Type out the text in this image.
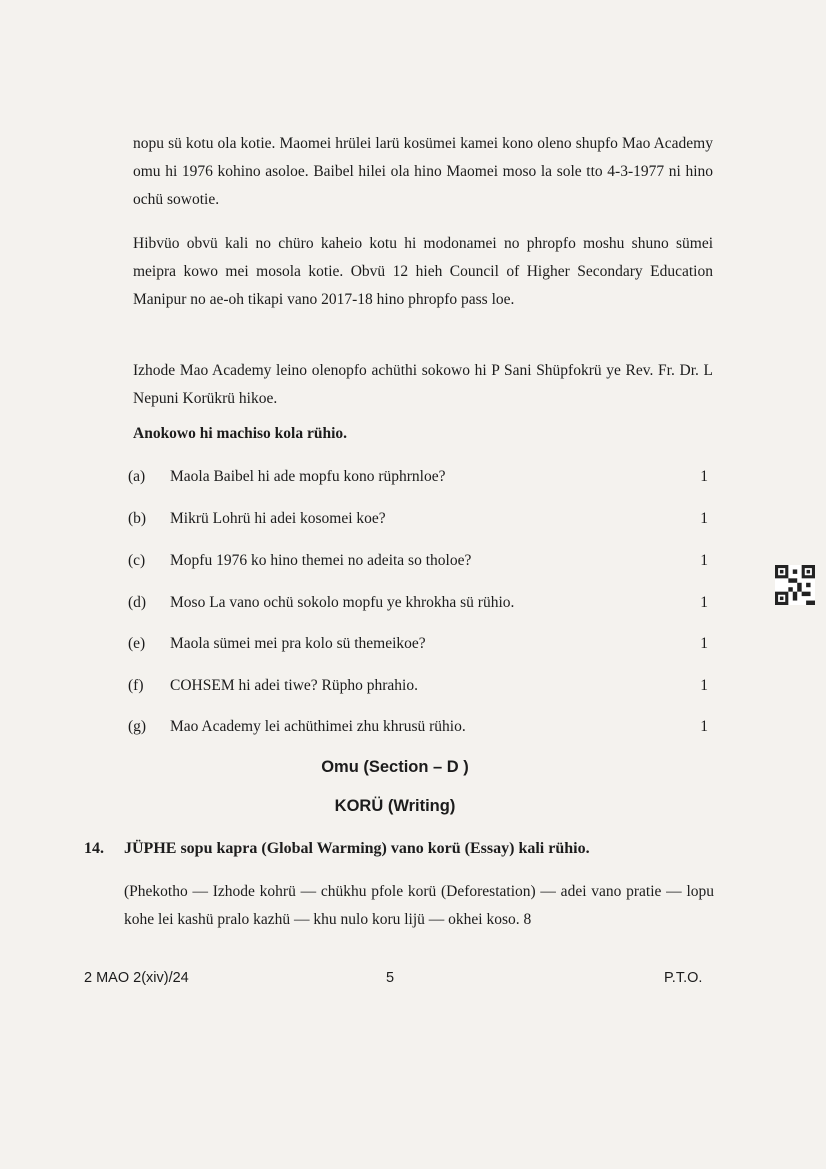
nopu sü kotu ola kotie. Maomei hrülei larü kosümei kamei kono oleno shupfo Mao Academy omu hi 1976 kohino asoloe. Baibel hilei ola hino Maomei moso la sole tto 4-3-1977 ni hino ochü sowotie.

Hibvüo obvü kali no chüro kaheio kotu hi modonamei no phropfo moshu shuno sümei meipra kowo mei mosola kotie. Obvü 12 hieh Council of Higher Secondary Education Manipur no ae-oh tikapi vano 2017-18 hino phropfo pass loe.

Izhode Mao Academy leino olenopfo achüthi sokowo hi P Sani Shüpfokrü ye Rev. Fr. Dr. L Nepuni Korükrü hikoe.

Anokowo hi machiso kola rühio.

(a)	Maola Baibel hi ade mopfu kono rüphrnloe?	1
(b)	Mikrü Lohrü hi adei kosomei koe?	1
(c)	Mopfu 1976 ko hino themei no adeita so tholoe?	1
(d)	Moso La vano ochü sokolo mopfu ye khrokha sü rühio.	1
(e)	Maola sümei mei pra kolo sü themeikoe?	1
(f)	COHSEM hi adei tiwe? Rüpho phrahio.	1
(g)	Mao Academy lei achüthimei zhu khrusü rühio.	1
Omu (Section – D )
KORÜ (Writing)
14. JÜPHE sopu kapra (Global Warming) vano korü (Essay) kali rühio.

(Phekotho — Izhode kohrü — chükhu pfole korü (Deforestation) — adei vano pratie — lopu kohe lei kashü pralo kazhü — khu nulo koru lijü — okhei koso. 8

2 MAO 2(xiv)/24	5	P.T.O.
